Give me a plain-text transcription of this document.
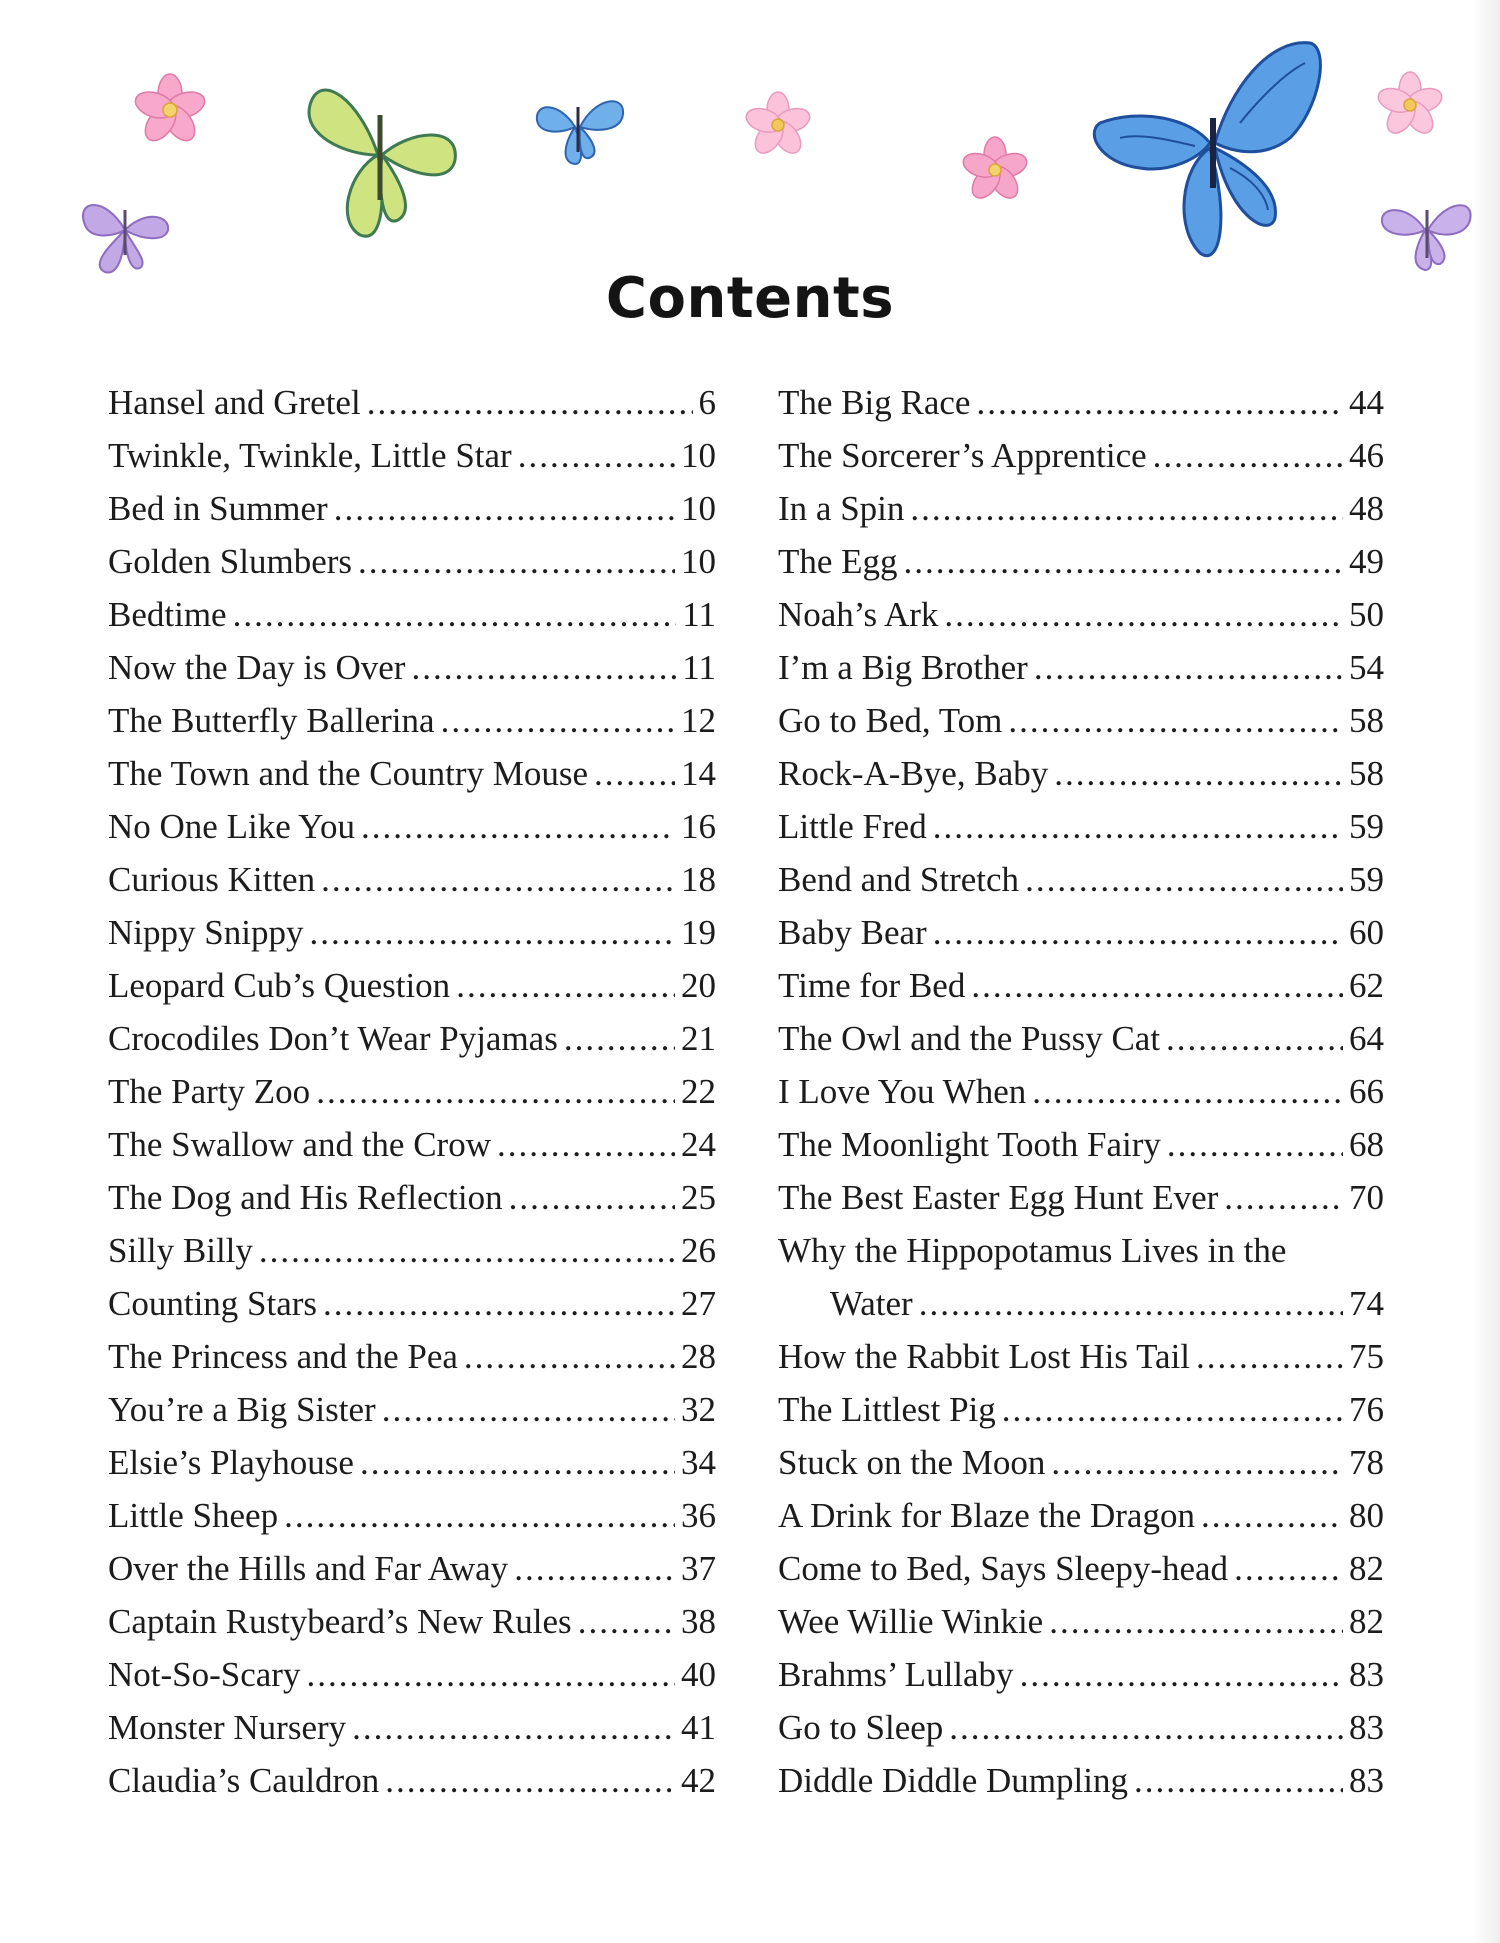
Contents
Hansel and Gretel .....	6
Twinkle, Twinkle, Little Star .....	10
Bed in Summer .....	10
Golden Slumbers .....	10
Bedtime .....	11
Now the Day is Over .....	11
The Butterfly Ballerina .....	12
The Town and the Country Mouse .....	14
No One Like You .....	16
Curious Kitten .....	18
Nippy Snippy .....	19
Leopard Cub’s Question .....	20
Crocodiles Don’t Wear Pyjamas .....	21
The Party Zoo .....	22
The Swallow and the Crow .....	24
The Dog and His Reflection .....	25
Silly Billy .....	26
Counting Stars .....	27
The Princess and the Pea .....	28
You’re a Big Sister .....	32
Elsie’s Playhouse .....	34
Little Sheep .....	36
Over the Hills and Far Away .....	37
Captain Rustybeard’s New Rules .....	38
Not-So-Scary .....	40
Monster Nursery .....	41
Claudia’s Cauldron .....	42
The Big Race .....	44
The Sorcerer’s Apprentice .....	46
In a Spin .....	48
The Egg .....	49
Noah’s Ark .....	50
I’m a Big Brother .....	54
Go to Bed, Tom .....	58
Rock-A-Bye, Baby .....	58
Little Fred .....	59
Bend and Stretch .....	59
Baby Bear .....	60
Time for Bed .....	62
The Owl and the Pussy Cat .....	64
I Love You When .....	66
The Moonlight Tooth Fairy .....	68
The Best Easter Egg Hunt Ever .....	70
Why the Hippopotamus Lives in the
Water .....	74
How the Rabbit Lost His Tail .....	75
The Littlest Pig .....	76
Stuck on the Moon .....	78
A Drink for Blaze the Dragon .....	80
Come to Bed, Says Sleepy-head .....	82
Wee Willie Winkie .....	82
Brahms’ Lullaby .....	83
Go to Sleep .....	83
Diddle Diddle Dumpling .....	83
